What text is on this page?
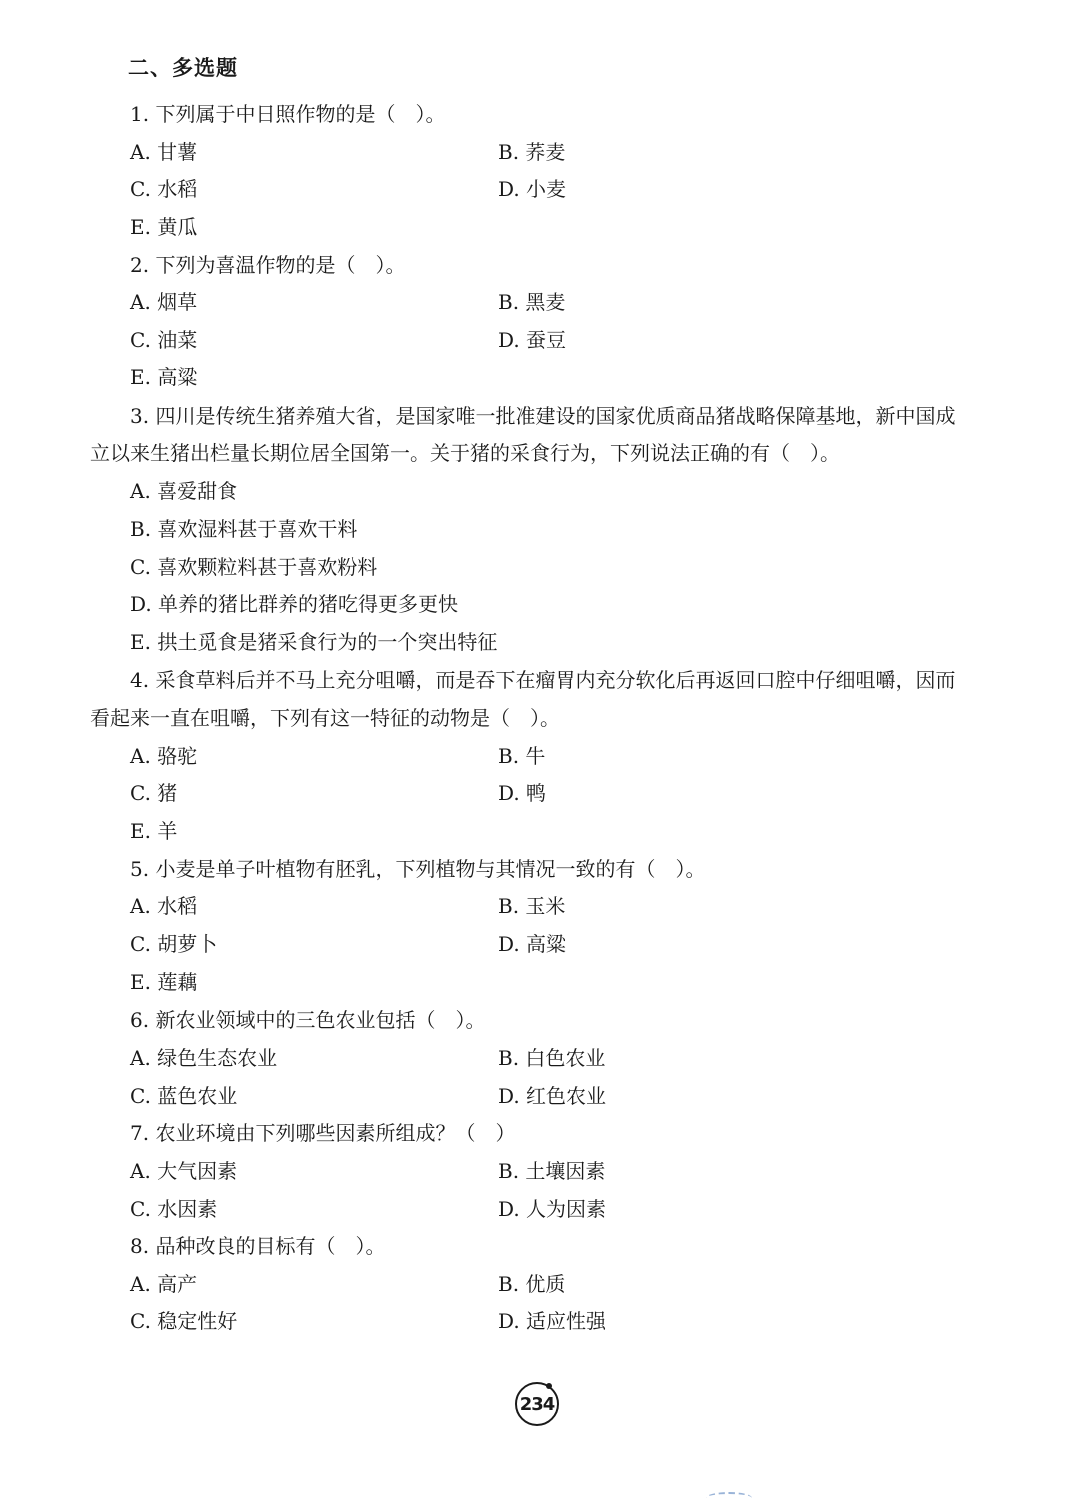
二、多选题
1. 下列属于中日照作物的是（　）。
A. 甘薯	B. 荞麦
C. 水稻	D. 小麦
E. 黄瓜
2. 下列为喜温作物的是（　）。
A. 烟草	B. 黑麦
C. 油菜	D. 蚕豆
E. 高粱
3. 四川是传统生猪养殖大省，是国家唯一批准建设的国家优质商品猪战略保障基地，新中国成
立以来生猪出栏量长期位居全国第一。关于猪的采食行为，下列说法正确的有（　）。
A. 喜爱甜食
B. 喜欢湿料甚于喜欢干料
C. 喜欢颗粒料甚于喜欢粉料
D. 单养的猪比群养的猪吃得更多更快
E. 拱土觅食是猪采食行为的一个突出特征
4. 采食草料后并不马上充分咀嚼，而是吞下在瘤胃内充分软化后再返回口腔中仔细咀嚼，因而
看起来一直在咀嚼，下列有这一特征的动物是（　）。
A. 骆驼	B. 牛
C. 猪	D. 鸭
E. 羊
5. 小麦是单子叶植物有胚乳，下列植物与其情况一致的有（　）。
A. 水稻	B. 玉米
C. 胡萝卜	D. 高粱
E. 莲藕
6. 新农业领域中的三色农业包括（　）。
A. 绿色生态农业	B. 白色农业
C. 蓝色农业	D. 红色农业
7. 农业环境由下列哪些因素所组成？（　）
A. 大气因素	B. 土壤因素
C. 水因素	D. 人为因素
8. 品种改良的目标有（　）。
A. 高产	B. 优质
C. 稳定性好	D. 适应性强
234
